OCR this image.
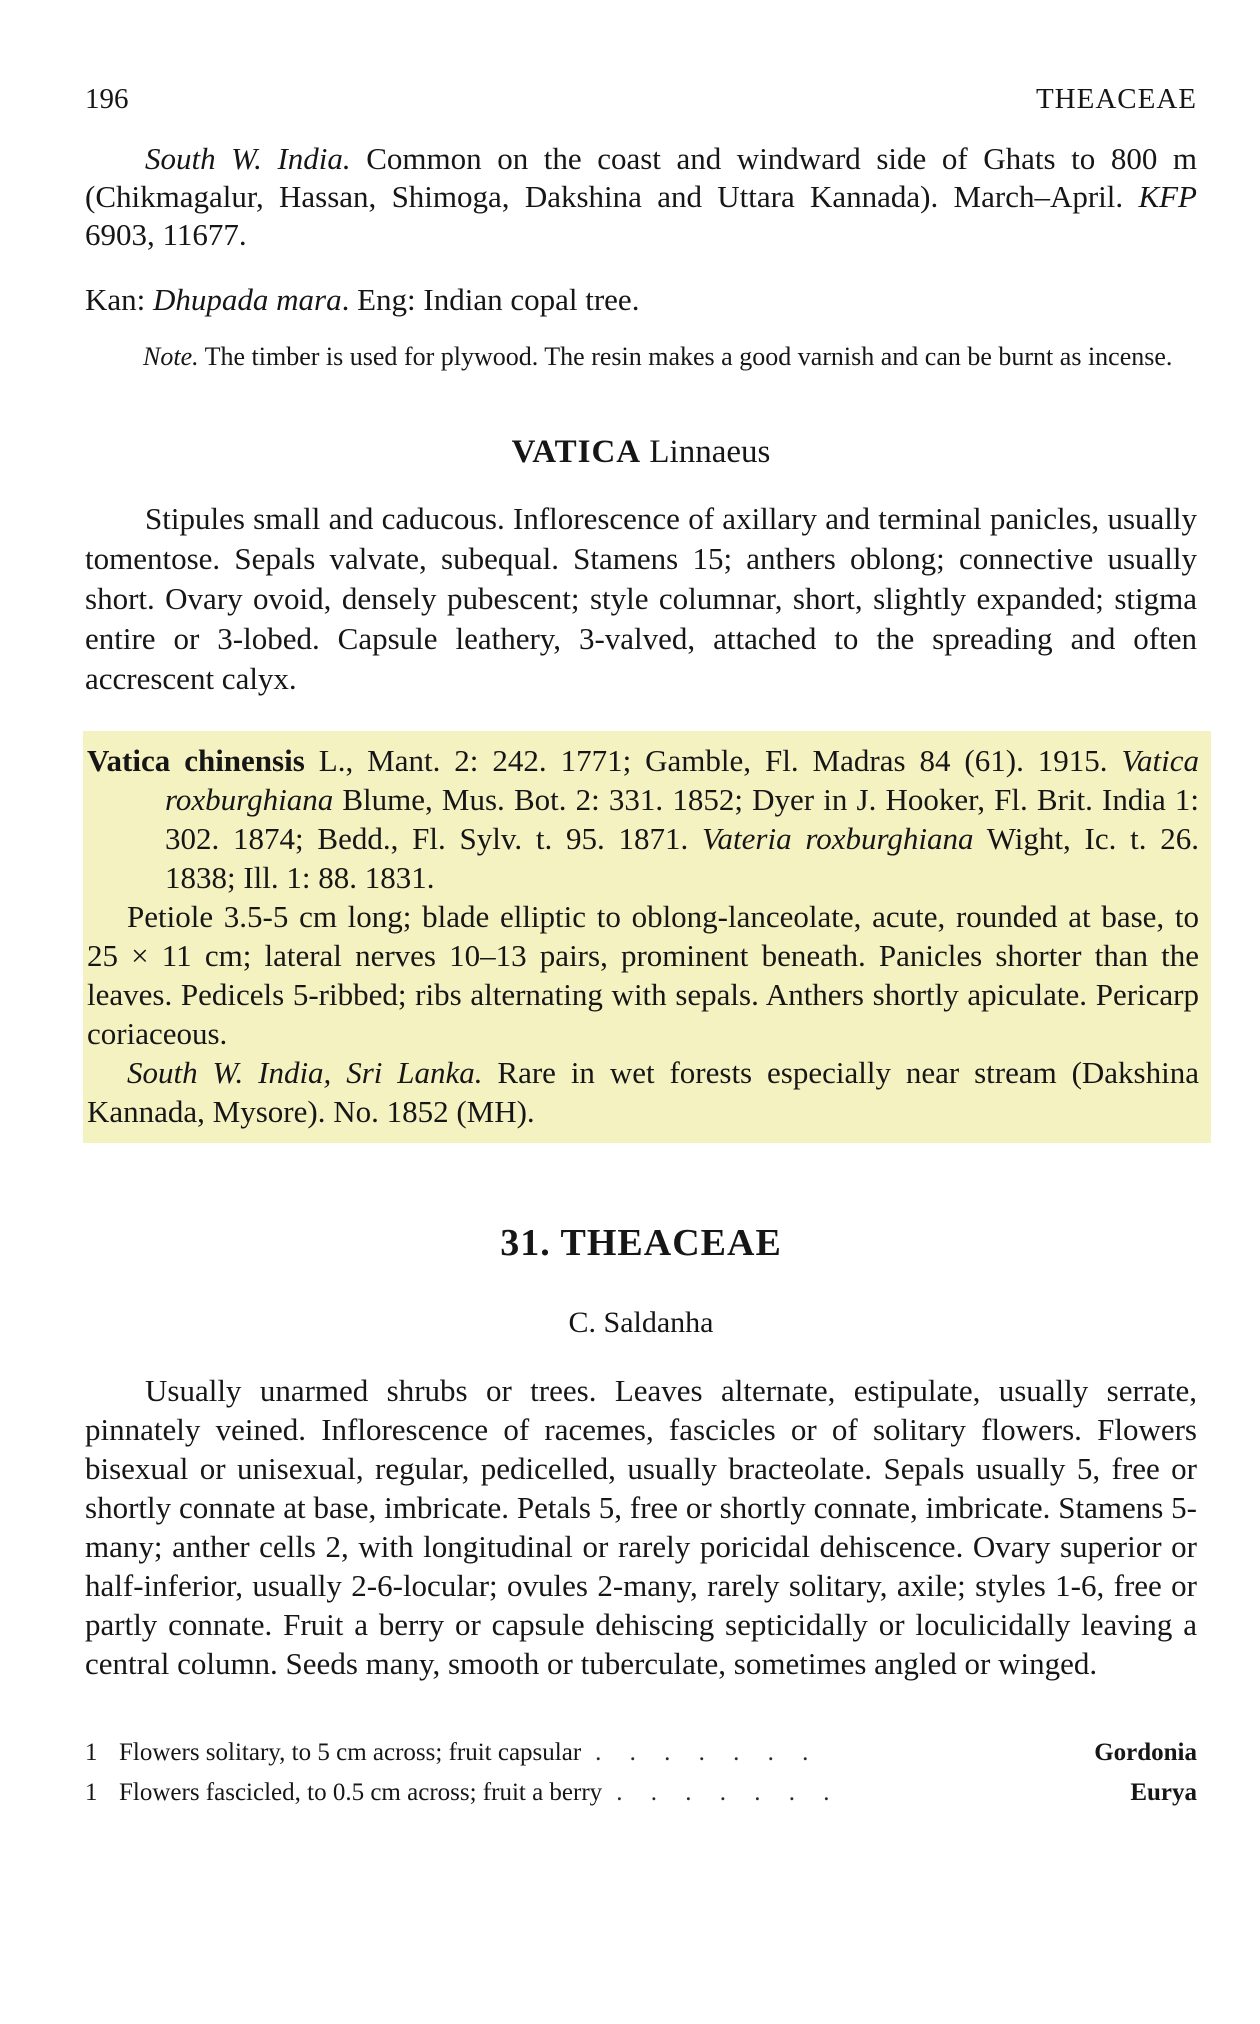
196	THEACEAE

South W. India. Common on the coast and windward side of Ghats to 800 m (Chikmagalur, Hassan, Shimoga, Dakshina and Uttara Kannada). March–April. KFP 6903, 11677.

Kan: Dhupada mara. Eng: Indian copal tree.

Note. The timber is used for plywood. The resin makes a good varnish and can be burnt as incense.

VATICA Linnaeus

Stipules small and caducous. Inflorescence of axillary and terminal panicles, usually tomentose. Sepals valvate, subequal. Stamens 15; anthers oblong; connective usually short. Ovary ovoid, densely pubescent; style columnar, short, slightly expanded; stigma entire or 3-lobed. Capsule leathery, 3-valved, attached to the spreading and often accrescent calyx.

Vatica chinensis L., Mant. 2: 242. 1771; Gamble, Fl. Madras 84 (61). 1915. Vatica roxburghiana Blume, Mus. Bot. 2: 331. 1852; Dyer in J. Hooker, Fl. Brit. India 1: 302. 1874; Bedd., Fl. Sylv. t. 95. 1871. Vateria roxburghiana Wight, Ic. t. 26. 1838; Ill. 1: 88. 1831.

Petiole 3.5-5 cm long; blade elliptic to oblong-lanceolate, acute, rounded at base, to 25 × 11 cm; lateral nerves 10–13 pairs, prominent beneath. Panicles shorter than the leaves. Pedicels 5-ribbed; ribs alternating with sepals. Anthers shortly apiculate. Pericarp coriaceous.

South W. India, Sri Lanka. Rare in wet forests especially near stream (Dakshina Kannada, Mysore). No. 1852 (MH).

31. THEACEAE

C. Saldanha

Usually unarmed shrubs or trees. Leaves alternate, estipulate, usually serrate, pinnately veined. Inflorescence of racemes, fascicles or of solitary flowers. Flowers bisexual or unisexual, regular, pedicelled, usually bracteolate. Sepals usually 5, free or shortly connate at base, imbricate. Petals 5, free or shortly connate, imbricate. Stamens 5-many; anther cells 2, with longitudinal or rarely poricidal dehiscence. Ovary superior or half-inferior, usually 2-6-locular; ovules 2-many, rarely solitary, axile; styles 1-6, free or partly connate. Fruit a berry or capsule dehiscing septicidally or loculicidally leaving a central column. Seeds many, smooth or tuberculate, sometimes angled or winged.

1 Flowers solitary, to 5 cm across; fruit capsular . . . . . . .	Gordonia
1 Flowers fascicled, to 0.5 cm across; fruit a berry . . . . . . .	Eurya
